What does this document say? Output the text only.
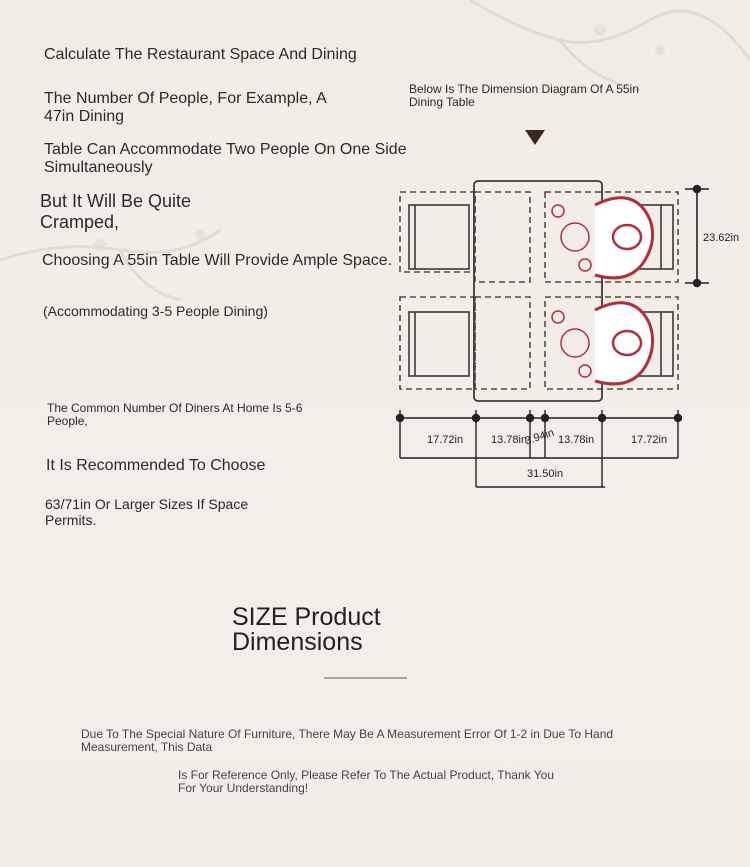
Calculate The Restaurant Space And Dining

The Number Of People, For Example, A 47in Dining

Table Can Accommodate Two People On One Side Simultaneously

But It Will Be Quite Cramped,

Choosing A 55in Table Will Provide Ample Space.

(Accommodating 3-5 People Dining)

The Common Number Of Diners At Home Is 5-6 People,

It Is Recommended To Choose

63/71in Or Larger Sizes If Space Permits.

Below Is The Dimension Diagram Of A 55in Dining Table

23.62in
17.72in	13.78in
3.94in 13.78in	17.72in
31.50in
SIZE Product Dimensions

Due To The Special Nature Of Furniture, There May Be A Measurement Error Of 1-2 in Due To Hand Measurement, This Data

Is For Reference Only, Please Refer To The Actual Product, Thank You For Your Understanding!
